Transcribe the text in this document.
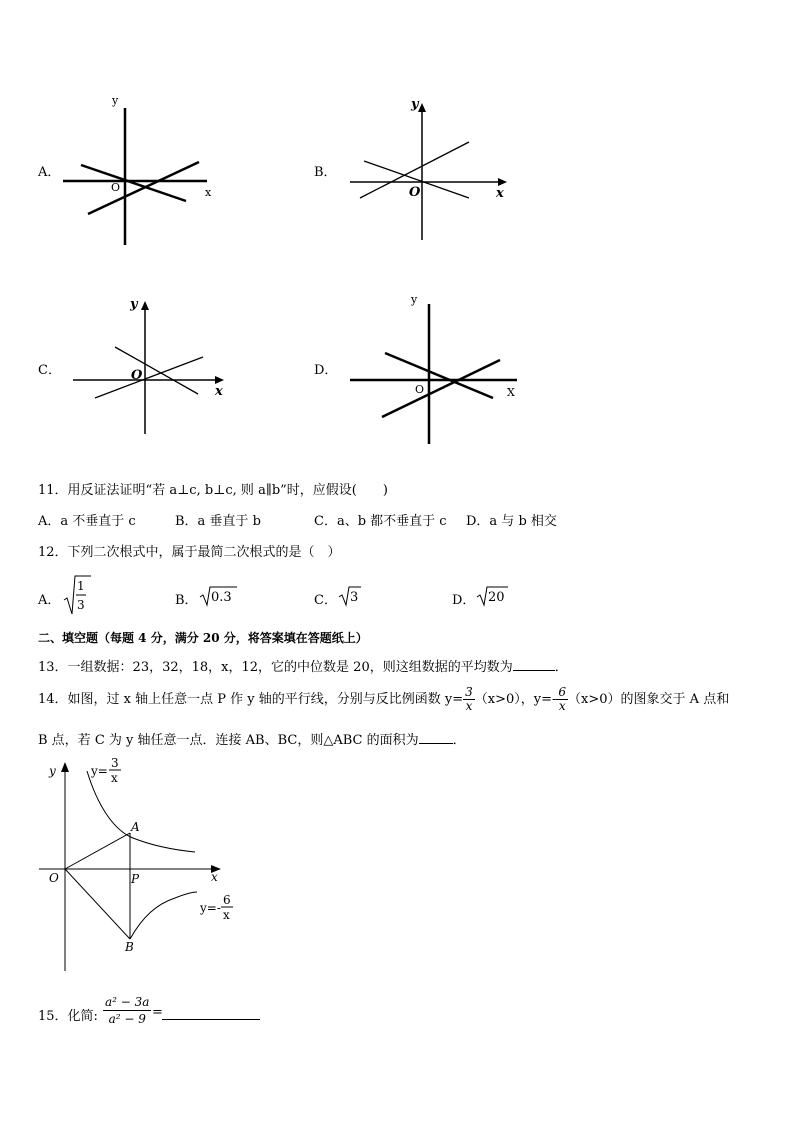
A．
y
x
O
B．
y
x
O
C．
y
x
O	D．
y
X
O
11．用反证法证明“若 a⊥c, b⊥c, 则 a∥b”时，应假设(　　)
A．a 不垂直于 c	B．a 垂直于 b	C．a、b 都不垂直于 c D．a 与 b 相交
12．下列二次根式中，属于最简二次根式的是（　）
A．
1
3	B． 0.3	C． 3	D． 20
二、填空题（每题 4 分，满分 20 分，将答案填在答题纸上）
13．一组数据：23，32，18，x，12，它的中位数是 20，则这组数据的平均数为	．
14．如图，过 x 轴上任意一点 P 作 y 轴的平行线，分别与反比例函数 $y= \frac{3}{x} (x>0)$，$y=- \frac{6}{x} (x>0)$的图象交于 A 点和
B 点，若 C 为 y 轴任意一点．连接 AB、BC，则△ABC 的面积为	．
y
x
O
A
P
B
y=
3
x
y=-
6
x
15．化简: $\frac{\text{a² − 3a}}{\text{a² − 9}}$ =
